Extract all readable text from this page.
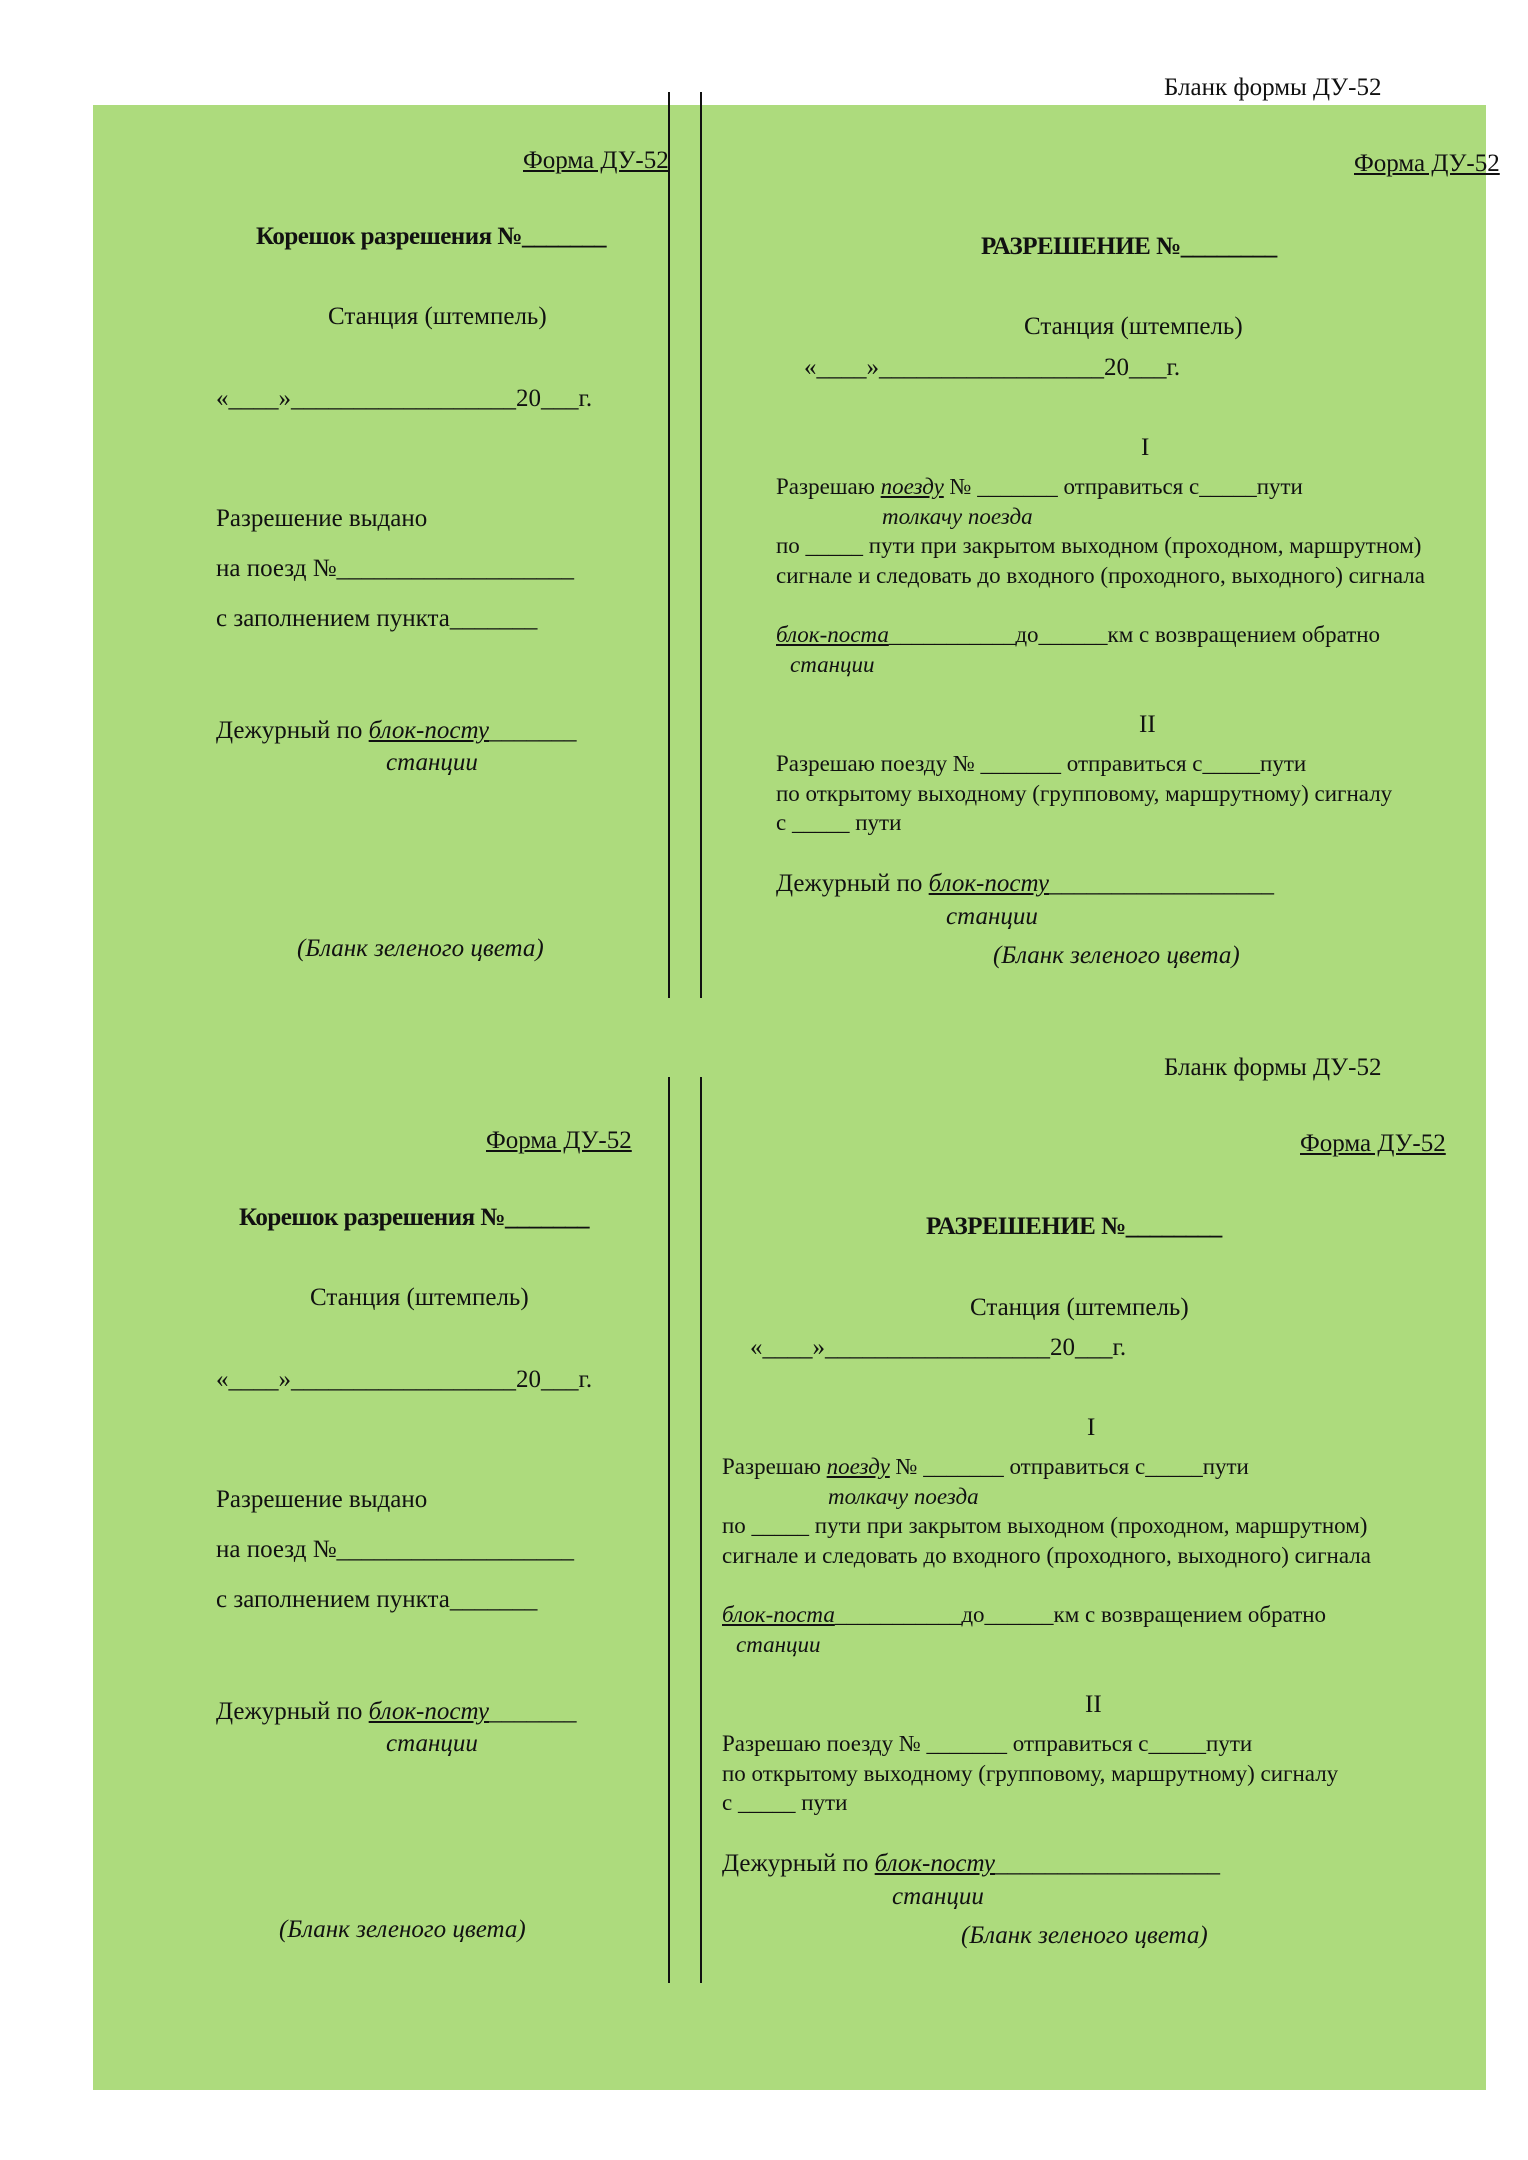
Бланк формы ДУ-52
Форма ДУ-52
Корешок разрешения №_______
Станция (штемпель)
«____»__________________20___г.
Разрешение выдано
на поезд №___________________
с заполнением пункта_______
Дежурный по блок-посту_______
станции
(Бланк зеленого цвета)
Форма ДУ-52
РАЗРЕШЕНИЕ №________
Станция (штемпель)
«____»__________________20___г.
I
Разрешаю поезду № _______ отправиться с_____пути
толкачу поезда
по _____ пути при закрытом выходном (проходном, маршрутном)
сигнале и следовать до входного (проходного, выходного) сигнала
блок-поста___________до______км с возвращением обратно
станции
II
Разрешаю поезду № _______ отправиться с_____пути
по открытому выходному (групповому, маршрутному) сигналу
с _____ пути
Дежурный по блок-посту__________________
станции
(Бланк зеленого цвета)
Бланк формы ДУ-52
Форма ДУ-52
Корешок разрешения №_______
Станция (штемпель)
«____»__________________20___г.
Разрешение выдано
на поезд №___________________
с заполнением пункта_______
Дежурный по блок-посту_______
станции
(Бланк зеленого цвета)
Форма ДУ-52
РАЗРЕШЕНИЕ №________
Станция (штемпель)
«____»__________________20___г.
I
Разрешаю поезду № _______ отправиться с_____пути
толкачу поезда
по _____ пути при закрытом выходном (проходном, маршрутном)
сигнале и следовать до входного (проходного, выходного) сигнала
блок-поста___________до______км с возвращением обратно
станции
II
Разрешаю поезду № _______ отправиться с_____пути
по открытому выходному (групповому, маршрутному) сигналу
с _____ пути
Дежурный по блок-посту__________________
станции
(Бланк зеленого цвета)
